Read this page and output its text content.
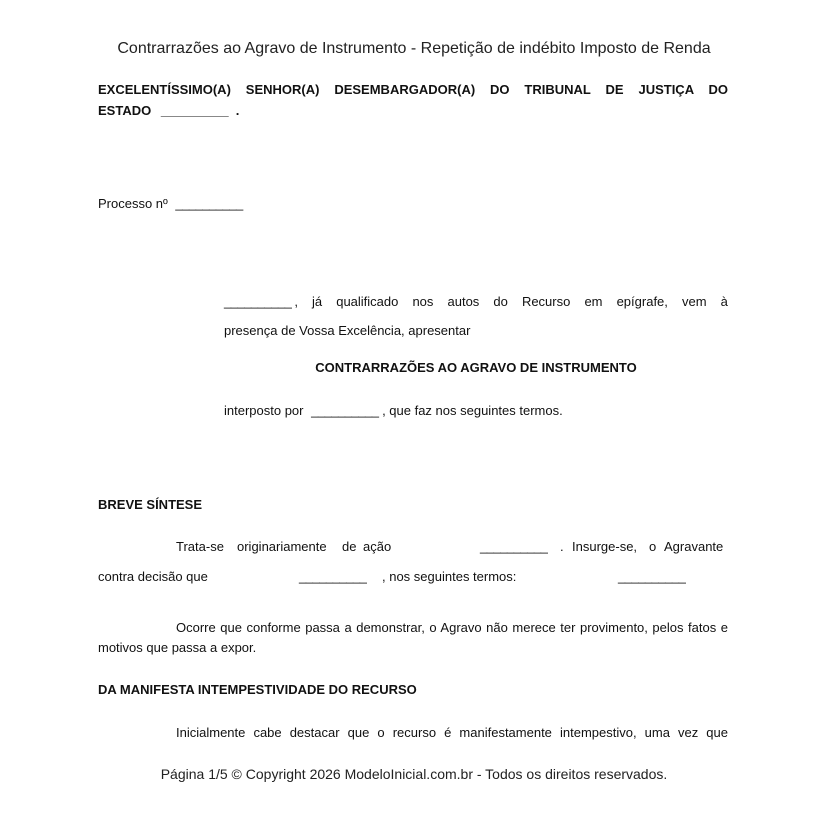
Contrarrazões ao Agravo de Instrumento - Repetição de indébito Imposto de Renda
EXCELENTÍSSIMO(A) SENHOR(A) DESEMBARGADOR(A) DO TRIBUNAL DE JUSTIÇA DO
ESTADO __________ .
Processo nº __________
__________ , já qualificado nos autos do Recurso em epígrafe, vem à
presença de Vossa Excelência, apresentar
CONTRARRAZÕES AO AGRAVO DE INSTRUMENTO
interposto por __________ , que faz nos seguintes termos.
BREVE SÍNTESE
Trata-se originariamente de ação	__________ . Insurge-se, o Agravante
contra decisão que	__________ , nos seguintes termos:	__________
Ocorre que conforme passa a demonstrar, o Agravo não merece ter provimento, pelos fatos e motivos que passa a expor.
DA MANIFESTA INTEMPESTIVIDADE DO RECURSO
Inicialmente cabe destacar que o recurso é manifestamente intempestivo, uma vez que
Página 1/5 © Copyright 2026 ModeloInicial.com.br - Todos os direitos reservados.
